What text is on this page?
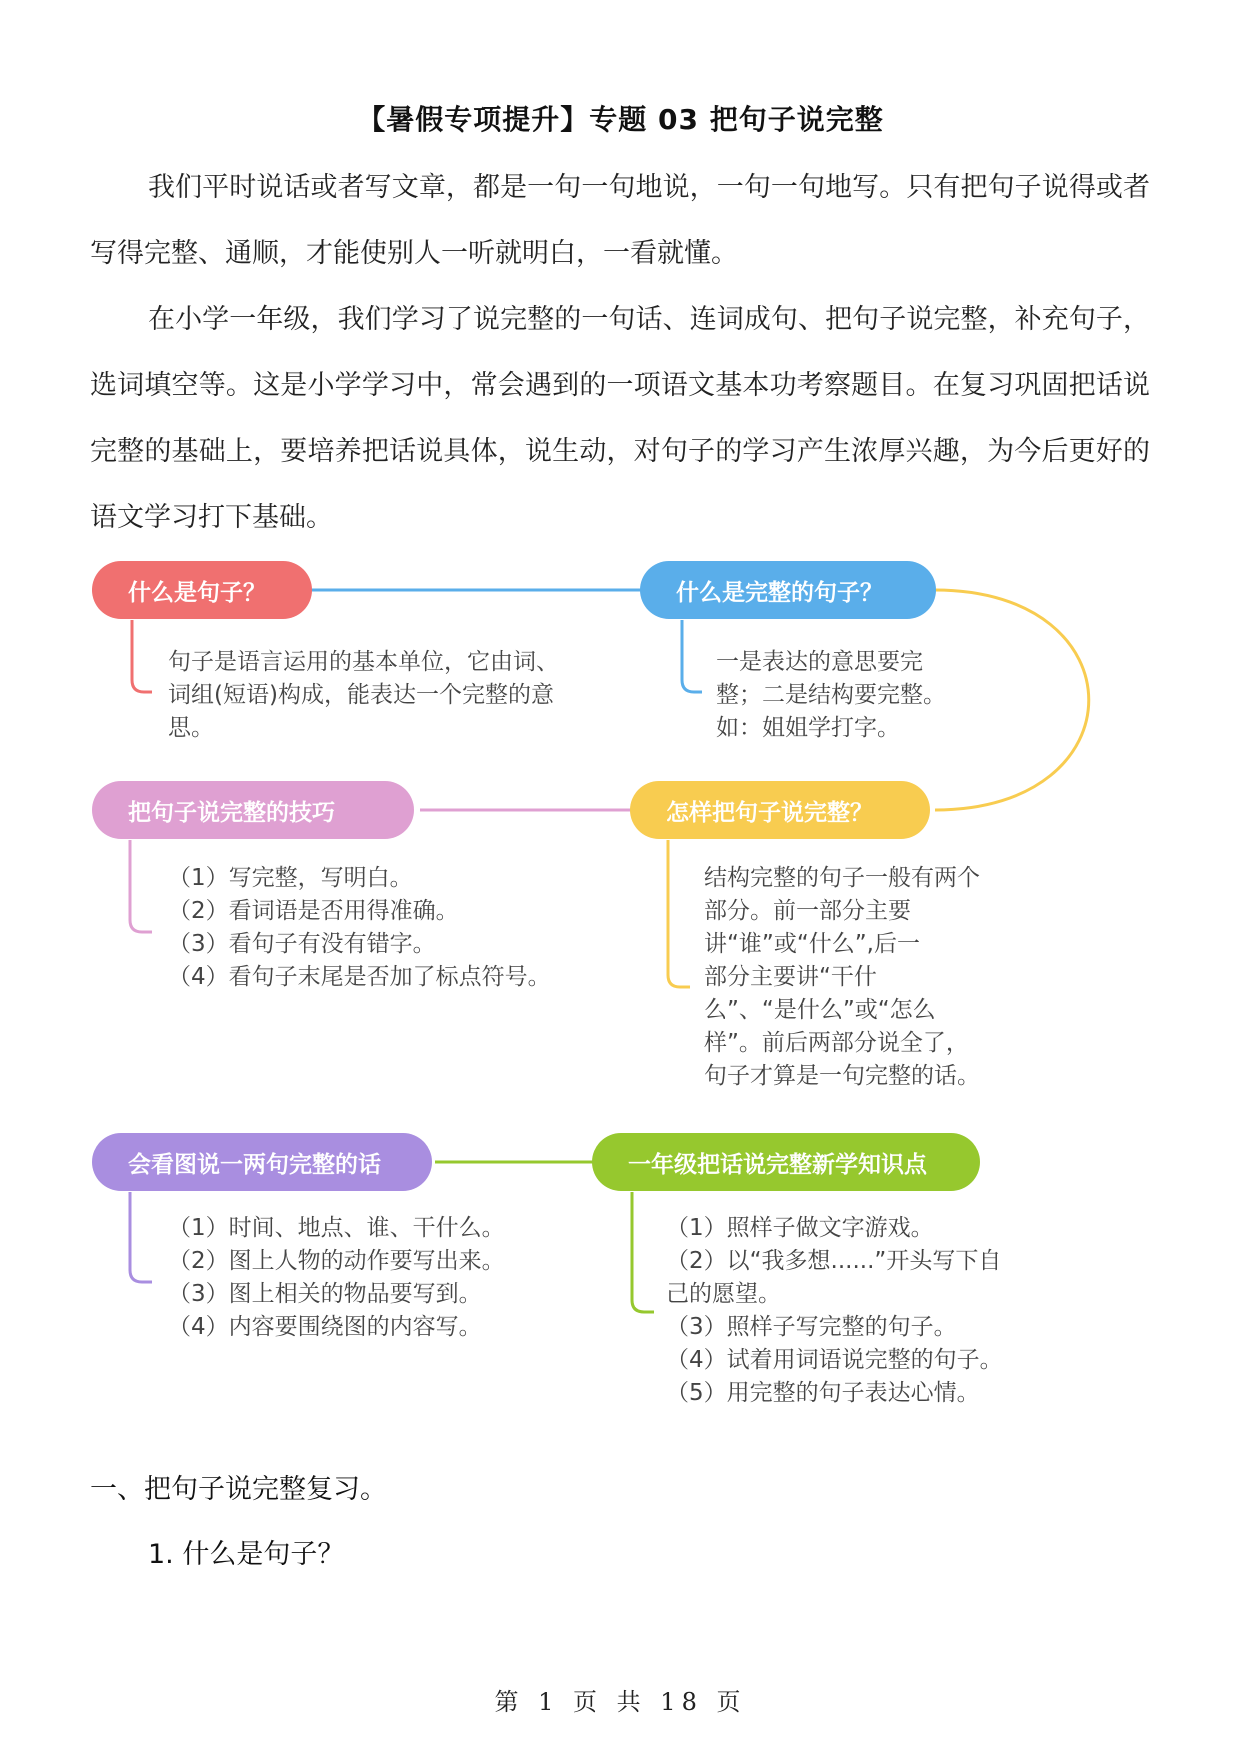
【暑假专项提升】专题 03 把句子说完整
我们平时说话或者写文章，都是一句一句地说，一句一句地写。只有把句子说得或者写得完整、通顺，才能使别人一听就明白，一看就懂。
在小学一年级，我们学习了说完整的一句话、连词成句、把句子说完整，补充句子，选词填空等。这是小学学习中，常会遇到的一项语文基本功考察题目。在复习巩固把话说完整的基础上，要培养把话说具体，说生动，对句子的学习产生浓厚兴趣，为今后更好的语文学习打下基础。
什么是句子？
句子是语言运用的基本单位，它由词、
词组(短语)构成，能表达一个完整的意
思。
什么是完整的句子？
一是表达的意思要完
整；二是结构要完整。
如：姐姐学打字。
把句子说完整的技巧
（1）写完整，写明白。
（2）看词语是否用得准确。
（3）看句子有没有错字。
（4）看句子末尾是否加了标点符号。
怎样把句子说完整？
结构完整的句子一般有两个
部分。前一部分主要
讲“谁”或“什么”,后一
部分主要讲“干什
么”、“是什么”或“怎么
样”。前后两部分说全了，
句子才算是一句完整的话。
会看图说一两句完整的话
（1）时间、地点、谁、干什么。
（2）图上人物的动作要写出来。
（3）图上相关的物品要写到。
（4）内容要围绕图的内容写。
一年级把话说完整新学知识点
（1）照样子做文字游戏。
（2）以“我多想......”开头写下自
己的愿望。
（3）照样子写完整的句子。
（4）试着用词语说完整的句子。
（5）用完整的句子表达心情。
一、把句子说完整复习。
1. 什么是句子？
第 1 页 共 18 页
